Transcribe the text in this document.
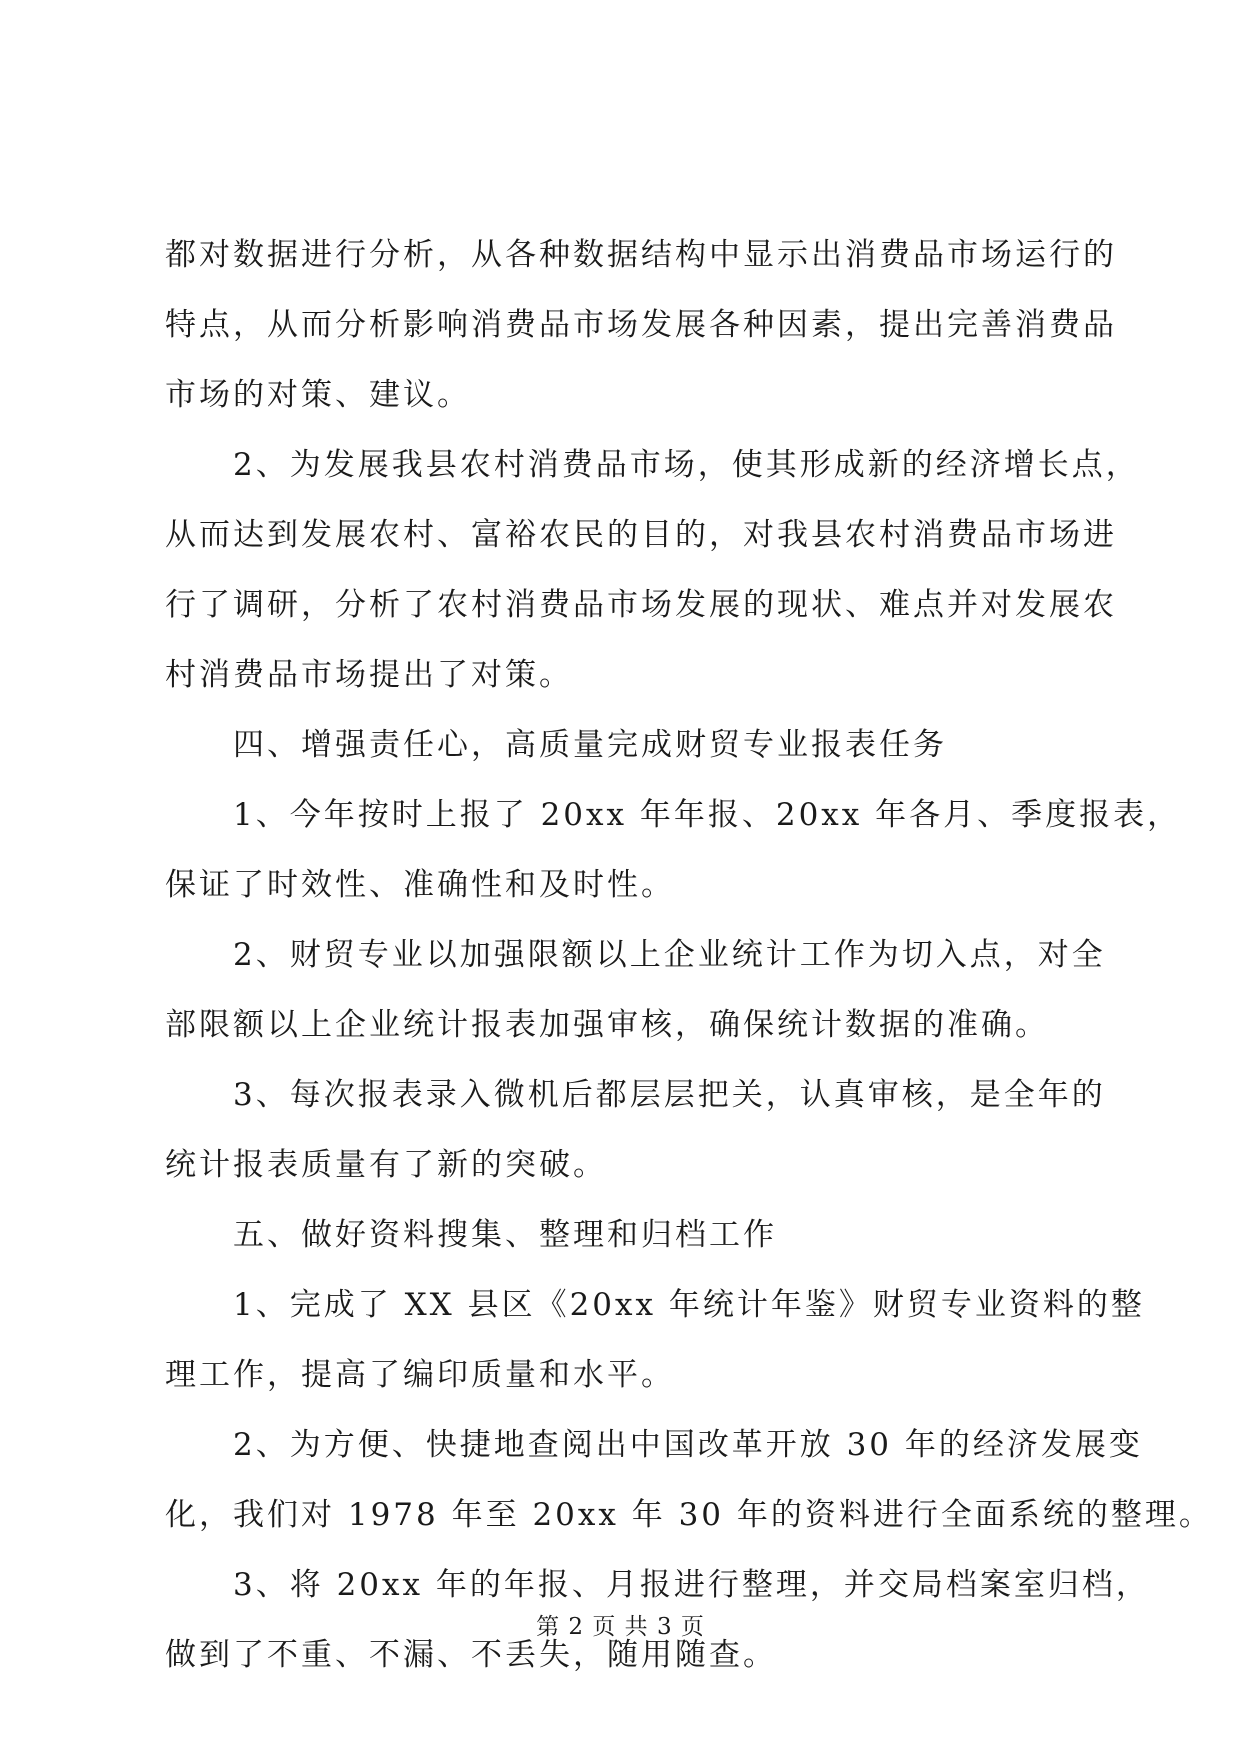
都对数据进行分析，从各种数据结构中显示出消费品市场运行的
特点，从而分析影响消费品市场发展各种因素，提出完善消费品
市场的对策、建议。
　　2、为发展我县农村消费品市场，使其形成新的经济增长点，
从而达到发展农村、富裕农民的目的，对我县农村消费品市场进
行了调研，分析了农村消费品市场发展的现状、难点并对发展农
村消费品市场提出了对策。
　　四、增强责任心，高质量完成财贸专业报表任务
　　1、今年按时上报了 20xx 年年报、20xx 年各月、季度报表，
保证了时效性、准确性和及时性。
　　2、财贸专业以加强限额以上企业统计工作为切入点，对全
部限额以上企业统计报表加强审核，确保统计数据的准确。
　　3、每次报表录入微机后都层层把关，认真审核，是全年的
统计报表质量有了新的突破。
　　五、做好资料搜集、整理和归档工作
　　1、完成了 XX 县区《20xx 年统计年鉴》财贸专业资料的整
理工作，提高了编印质量和水平。
　　2、为方便、快捷地查阅出中国改革开放 30 年的经济发展变
化，我们对 1978 年至 20xx 年 30 年的资料进行全面系统的整理。
　　3、将 20xx 年的年报、月报进行整理，并交局档案室归档，
做到了不重、不漏、不丢失，随用随查。
第 2 页 共 3 页
